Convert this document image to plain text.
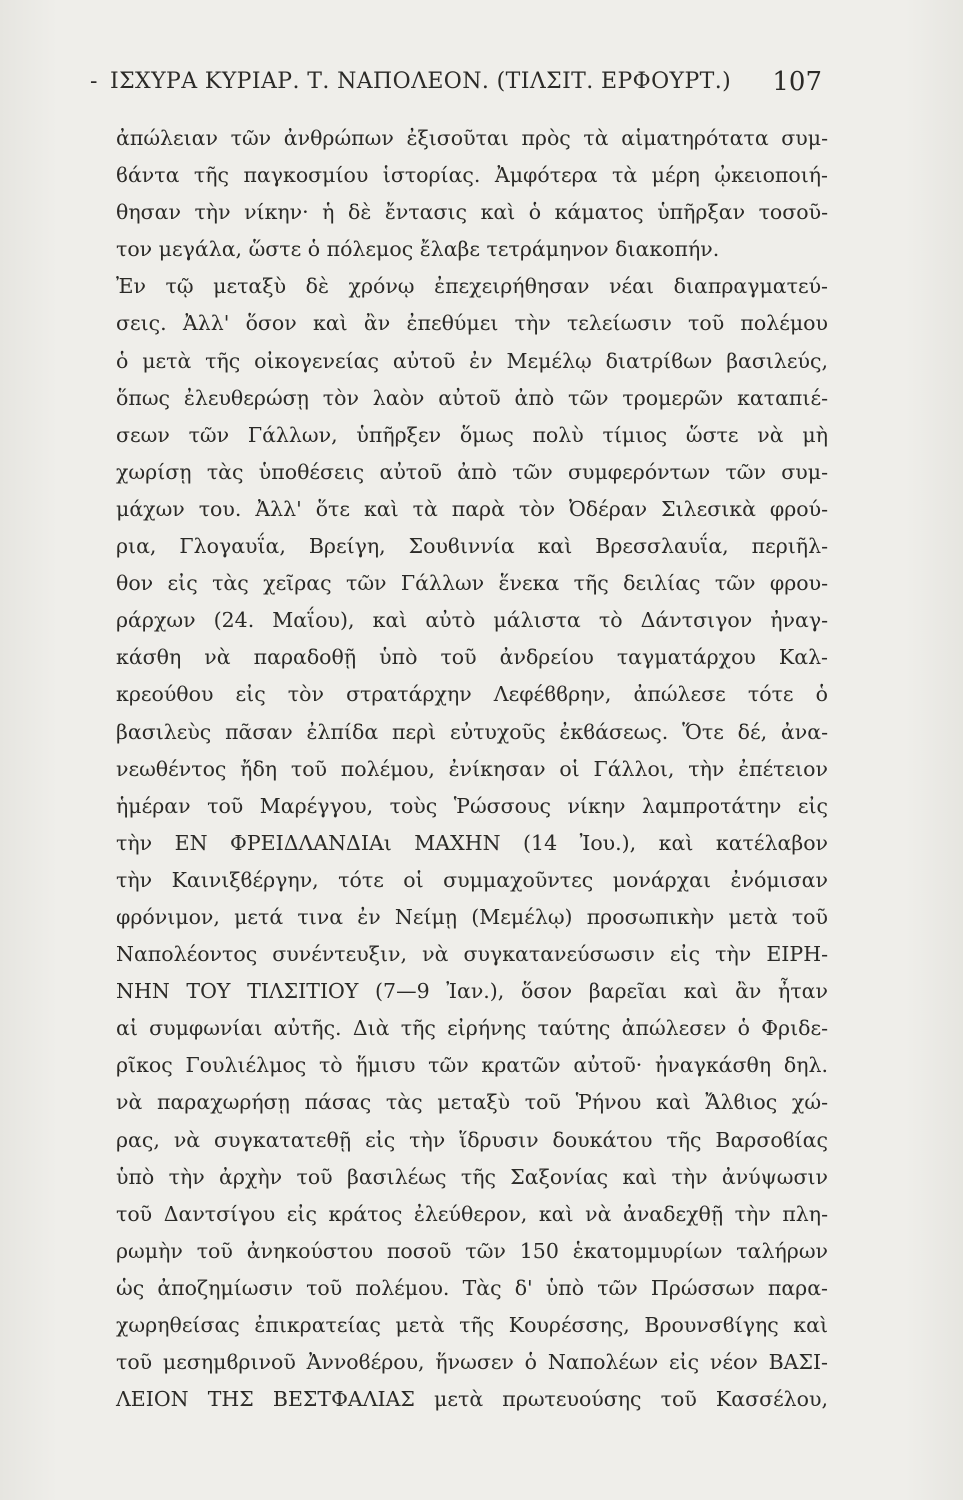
- ΙΣΧΥΡΑ ΚΥΡΙΑΡ. Τ. ΝΑΠΟΛΕΟΝ. (ΤΙΛΣΙΤ. ΕΡΦΟΥΡΤ.) 107
ἀπώλειαν τῶν ἀνθρώπων ἐξισοῦται πρὸς τὰ αἱματηρότατα συμ-
ϐάντα τῆς παγκοσμίου ἱστορίας. Ἀμφότερα τὰ μέρη ᾠκειοποιή-
θησαν τὴν νίκην· ἡ δὲ ἔντασις καὶ ὁ κάματος ὑπῆρξαν τοσοῦ-
τον μεγάλα, ὥστε ὁ πόλεμος ἔλαβε τετράμηνον διακοπήν.
Ἐν τῷ μεταξὺ δὲ χρόνῳ ἐπεχειρήθησαν νέαι διαπραγματεύ-
σεις. Ἀλλ' ὅσον καὶ ἂν ἐπεθύμει τὴν τελείωσιν τοῦ πολέμου
ὁ μετὰ τῆς οἰκογενείας αὐτοῦ ἐν Μεμέλῳ διατρίϐων βασιλεύς,
ὅπως ἐλευθερώσῃ τὸν λαὸν αὐτοῦ ἀπὸ τῶν τρομερῶν καταπιέ-
σεων τῶν Γάλλων, ὑπῆρξεν ὅμως πολὺ τίμιος ὥστε νὰ μὴ
χωρίσῃ τὰς ὑποθέσεις αὐτοῦ ἀπὸ τῶν συμφερόντων τῶν συμ-
μάχων του. Ἀλλ' ὅτε καὶ τὰ παρὰ τὸν Ὀδέραν Σιλεσικὰ φρού-
ρια, Γλογαυΐα, Βρείγη, Σουϐιννία καὶ Βρεσσλαυΐα, περιῆλ-
θον εἰς τὰς χεῖρας τῶν Γάλλων ἕνεκα τῆς δειλίας τῶν φρου-
ράρχων (24. Μαΐου), καὶ αὐτὸ μάλιστα τὸ Δάντσιγον ἠναγ-
κάσθη νὰ παραδοθῇ ὑπὸ τοῦ ἀνδρείου ταγματάρχου Καλ-
κρεούθου εἰς τὸν στρατάρχην Λεφέϐϐρην, ἀπώλεσε τότε ὁ
βασιλεὺς πᾶσαν ἐλπίδα περὶ εὐτυχοῦς ἐκϐάσεως. Ὅτε δέ, ἀνα-
νεωθέντος ἤδη τοῦ πολέμου, ἐνίκησαν οἱ Γάλλοι, τὴν ἐπέτειον
ἡμέραν τοῦ Μαρέγγου, τοὺς Ῥώσσους νίκην λαμπροτάτην εἰς
τὴν ΕΝ ΦΡΕΙΔΛΑΝΔΙΑι ΜΑΧΗΝ (14 Ἰου.), καὶ κατέλαβον
τὴν Καινιξϐέργην, τότε οἱ συμμαχοῦντες μονάρχαι ἐνόμισαν
φρόνιμον, μετά τινα ἐν Νείμῃ (Μεμέλῳ) προσωπικὴν μετὰ τοῦ
Ναπολέοντος συνέντευξιν, νὰ συγκατανεύσωσιν εἰς τὴν ΕΙΡΗ-
ΝΗΝ ΤΟΥ ΤΙΛΣΙΤΙΟΥ (7—9 Ἰαν.), ὅσον βαρεῖαι καὶ ἂν ἦταν
αἱ συμφωνίαι αὐτῆς. Διὰ τῆς εἰρήνης ταύτης ἀπώλεσεν ὁ Φριδε-
ρῖκος Γουλιέλμος τὸ ἥμισυ τῶν κρατῶν αὐτοῦ· ἠναγκάσθη δηλ.
νὰ παραχωρήσῃ πάσας τὰς μεταξὺ τοῦ Ῥήνου καὶ Ἄλϐιος χώ-
ρας, νὰ συγκατατεθῇ εἰς τὴν ἵδρυσιν δουκάτου τῆς Βαρσοϐίας
ὑπὸ τὴν ἀρχὴν τοῦ βασιλέως τῆς Σαξονίας καὶ τὴν ἀνύψωσιν
τοῦ Δαντσίγου εἰς κράτος ἐλεύθερον, καὶ νὰ ἀναδεχθῇ τὴν πλη-
ρωμὴν τοῦ ἀνηκούστου ποσοῦ τῶν 150 ἑκατομμυρίων ταλήρων
ὡς ἀποζημίωσιν τοῦ πολέμου. Τὰς δ' ὑπὸ τῶν Πρώσσων παρα-
χωρηθείσας ἐπικρατείας μετὰ τῆς Κουρέσσης, Βρουνσϐίγης καὶ
τοῦ μεσημϐρινοῦ Ἀννοϐέρου, ἥνωσεν ὁ Ναπολέων εἰς νέον ΒΑΣΙ-
ΛΕΙΟΝ ΤΗΣ ΒΕΣΤΦΑΛΙΑΣ μετὰ πρωτευούσης τοῦ Κασσέλου,
